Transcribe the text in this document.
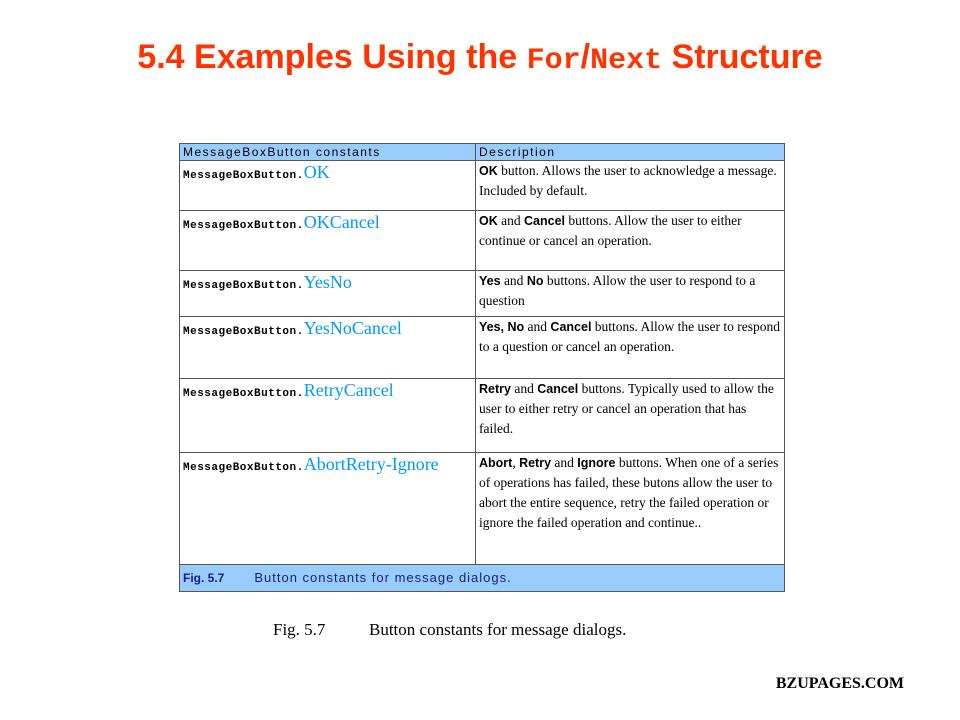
5.4 Examples Using the For/Next Structure
MessageBoxButton constants	Description
MessageBoxButton.OK	OK button. Allows the user to acknowledge a message. Included by default.
MessageBoxButton.OKCancel	OK and Cancel buttons. Allow the user to either continue or cancel an operation.
MessageBoxButton.YesNo	Yes and No buttons. Allow the user to respond to a question
MessageBoxButton.YesNoCancel	Yes, No and Cancel buttons. Allow the user to respond to a question or cancel an operation.
MessageBoxButton.RetryCancel	Retry and Cancel buttons. Typically used to allow the user to either retry or cancel an operation that has failed.
MessageBoxButton.AbortRetry-Ignore	Abort, Retry and Ignore buttons. When one of a series of operations has failed, these butons allow the user to abort the entire sequence, retry the failed operation or ignore the failed operation and continue..
Fig. 5.7 Button constants for message dialogs.	
Fig. 5.7	Button constants for message dialogs.
BZUPAGES.COM
